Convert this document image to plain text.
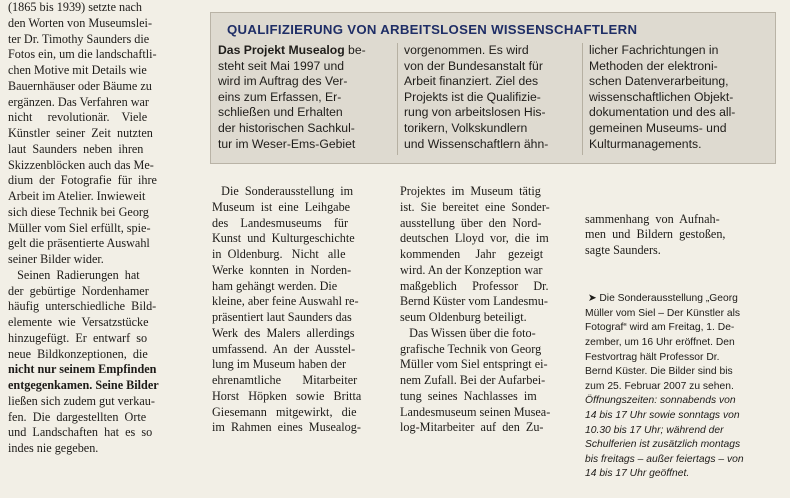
(1865 bis 1939) setzte nach
den Worten von Museumslei-
ter Dr. Timothy Saunders die
Fotos ein, um die landschaftli-
chen Motive mit Details wie
Bauernhäuser oder Bäume zu
ergänzen. Das Verfahren war
nicht     revolutionär.    Viele
Künstler  seiner  Zeit  nutzten
laut  Saunders  neben  ihren
Skizzenblöcken auch das Me-
dium  der  Fotografie  für  ihre
Arbeit im Atelier. Inwieweit
sich diese Technik bei Georg
Müller vom Siel erfüllt, spie-
gelt die präsentierte Auswahl
seiner Bilder wider.
Seinen  Radierungen  hat
der  gebürtige  Nordenhamer
häufig  unterschiedliche  Bild-
elemente  wie  Versatzstücke
hinzugefügt.  Er  entwarf  so
neue  Bildkonzeptionen,  die
nicht nur seinem Empfinden
entgegenkamen. Seine Bilder
ließen sich zudem gut verkau-
fen.  Die  dargestellten  Orte
und  Landschaften  hat  es  so
indes nie gegeben.
QUALIFIZIERUNG VON ARBEITSLOSEN WISSENSCHAFTLERN
Das Projekt Musealog be-
steht seit Mai 1997 und
wird im Auftrag des Ver-
eins zum Erfassen, Er-
schließen und Erhalten
der historischen Sachkul-
tur im Weser-Ems-Gebiet
vorgenommen. Es wird
von der Bundesanstalt für
Arbeit finanziert. Ziel des
Projekts ist die Qualifizie-
rung von arbeitslosen His-
torikern, Volkskundlern
und Wissenschaftlern ähn-
licher Fachrichtungen in
Methoden der elektroni-
schen Datenverarbeitung,
wissenschaftlichen Objekt-
dokumentation und des all-
gemeinen Museums- und
Kulturmanagements.
Die  Sonderausstellung  im
Museum  ist  eine  Leihgabe
des    Landesmuseums    für
Kunst  und  Kulturgeschichte
in  Oldenburg.   Nicht   alle
Werke  konnten  in  Norden-
ham gehängt werden. Die
kleine, aber feine Auswahl re-
präsentiert laut Saunders das
Werk  des  Malers  allerdings
umfassend.  An  der  Ausstel-
lung im Museum haben der
ehrenamtliche       Mitarbeiter
Horst   Höpken   sowie   Britta
Giesemann   mitgewirkt,   die
im  Rahmen  eines  Musealog-
Projektes  im  Museum  tätig
ist.  Sie  bereitet  eine  Sonder-
ausstellung  über  den  Nord-
deutschen  Lloyd  vor,  die  im
kommenden     Jahr    gezeigt
wird. An der Konzeption war
maßgeblich     Professor     Dr.
Bernd Küster vom Landesmu-
seum Oldenburg beteiligt.
Das Wissen über die foto-
grafische Technik von Georg
Müller vom Siel entspringt ei-
nem Zufall. Bei der Aufarbei-
tung  seines  Nachlasses  im
Landesmuseum seinen Musea-
log-Mitarbeiter  auf  den  Zu-

sammenhang  von  Aufnah-
men  und  Bildern  gestoßen,
sagte Saunders.

➤ Die Sonderausstellung „Georg
Müller vom Siel – Der Künstler als
Fotograf“ wird am Freitag, 1. De-
zember, um 16 Uhr eröffnet. Den
Festvortrag hält Professor Dr.
Bernd Küster. Die Bilder sind bis
zum 25. Februar 2007 zu sehen.
Öffnungszeiten: sonnabends von
14 bis 17 Uhr sowie sonntags von
10.30 bis 17 Uhr; während der
Schulferien ist zusätzlich montags
bis freitags – außer feiertags – von
14 bis 17 Uhr geöffnet.
